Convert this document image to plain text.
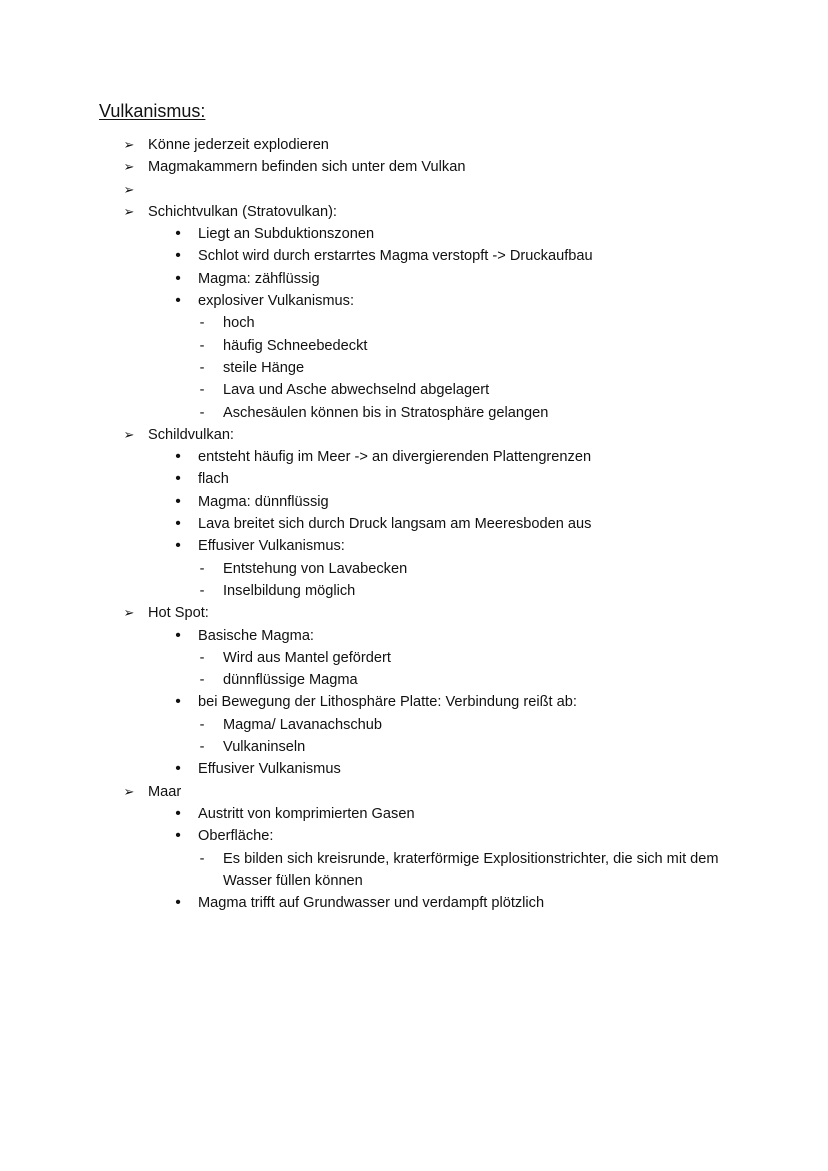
Vulkanismus:
➢ Könne jederzeit explodieren
➢ Magmakammern befinden sich unter dem Vulkan
➢
➢ Schichtvulkan (Stratovulkan):
• Liegt an Subduktionszonen
• Schlot wird durch erstarrtes Magma verstopft -> Druckaufbau
• Magma: zähflüssig
• explosiver Vulkanismus:
- hoch
- häufig Schneebedeckt
- steile Hänge
- Lava und Asche abwechselnd abgelagert
- Aschesäulen können bis in Stratosphäre gelangen
➢ Schildvulkan:
• entsteht häufig im Meer -> an divergierenden Plattengrenzen
• flach
• Magma: dünnflüssig
• Lava breitet sich durch Druck langsam am Meeresboden aus
• Effusiver Vulkanismus:
- Entstehung von Lavabecken
- Inselbildung möglich
➢ Hot Spot:
• Basische Magma:
- Wird aus Mantel gefördert
- dünnflüssige Magma
• bei Bewegung der Lithosphäre Platte: Verbindung reißt ab:
- Magma/ Lavanachschub
- Vulkaninseln
• Effusiver Vulkanismus
➢ Maar
• Austritt von komprimierten Gasen
• Oberfläche:
- Es bilden sich kreisrunde, kraterförmige Explositionstrichter, die sich mit dem Wasser füllen können
• Magma trifft auf Grundwasser und verdampft plötzlich
